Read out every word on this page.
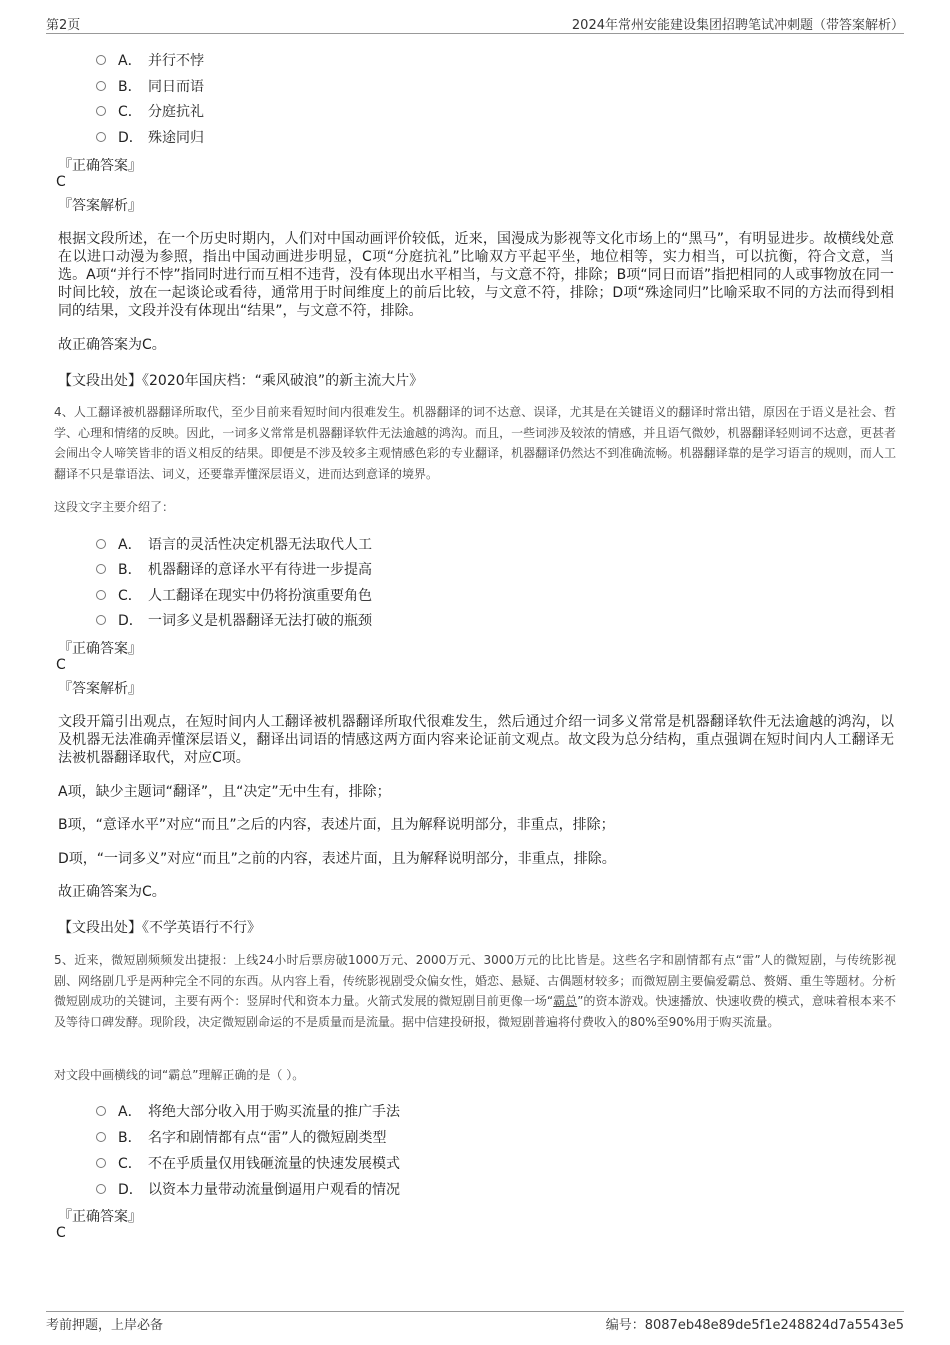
第2页	2024年常州安能建设集团招聘笔试冲刺题（带答案解析）
A． 并行不悖
B． 同日而语
C． 分庭抗礼
D． 殊途同归
『正确答案』
C
『答案解析』

根据文段所述，在一个历史时期内，人们对中国动画评价较低，近来，国漫成为影视等文化市场上的“黑马”，有明显进步。故横线处意在以进口动漫为参照，指出中国动画进步明显，C项“分庭抗礼”比喻双方平起平坐，地位相等，实力相当，可以抗衡，符合文意，当选。A项“并行不悖”指同时进行而互相不违背，没有体现出水平相当，与文意不符，排除；B项“同日而语”指把相同的人或事物放在同一时间比较，放在一起谈论或看待，通常用于时间维度上的前后比较，与文意不符，排除；D项“殊途同归”比喻采取不同的方法而得到相同的结果，文段并没有体现出“结果”，与文意不符，排除。

故正确答案为C。
【文段出处】《2020年国庆档：“乘风破浪”的新主流大片》

4、人工翻译被机器翻译所取代，至少目前来看短时间内很难发生。机器翻译的词不达意、误译，尤其是在关键语义的翻译时常出错，原因在于语义是社会、哲学、心理和情绪的反映。因此，一词多义常常是机器翻译软件无法逾越的鸿沟。而且，一些词涉及较浓的情感，并且语气微妙，机器翻译轻则词不达意，更甚者会闹出令人啼笑皆非的语义相反的结果。即便是不涉及较多主观情感色彩的专业翻译，机器翻译仍然达不到准确流畅。机器翻译靠的是学习语言的规则，而人工翻译不只是靠语法、词义，还要靠弄懂深层语义，进而达到意译的境界。

这段文字主要介绍了：
A． 语言的灵活性决定机器无法取代人工
B． 机器翻译的意译水平有待进一步提高
C． 人工翻译在现实中仍将扮演重要角色
D． 一词多义是机器翻译无法打破的瓶颈
『正确答案』
C
『答案解析』

文段开篇引出观点，在短时间内人工翻译被机器翻译所取代很难发生，然后通过介绍一词多义常常是机器翻译软件无法逾越的鸿沟，以及机器无法准确弄懂深层语义，翻译出词语的情感这两方面内容来论证前文观点。故文段为总分结构，重点强调在短时间内人工翻译无法被机器翻译取代，对应C项。

A项，缺少主题词“翻译”，且“决定”无中生有，排除；
B项，“意译水平”对应“而且”之后的内容，表述片面，且为解释说明部分，非重点，排除；
D项，“一词多义”对应“而且”之前的内容，表述片面，且为解释说明部分，非重点，排除。
故正确答案为C。
【文段出处】《不学英语行不行》

5、近来，微短剧频频发出捷报：上线24小时后票房破1000万元、2000万元、3000万元的比比皆是。这些名字和剧情都有点“雷”人的微短剧，与传统影视剧、网络剧几乎是两种完全不同的东西。从内容上看，传统影视剧受众偏女性，婚恋、悬疑、古偶题材较多；而微短剧主要偏爱霸总、赘婿、重生等题材。分析微短剧成功的关键词，主要有两个：竖屏时代和资本力量。火箭式发展的微短剧目前更像一场“霸总”的资本游戏。快速播放、快速收费的模式，意味着根本来不及等待口碑发酵。现阶段，决定微短剧命运的不是质量而是流量。据中信建投研报，微短剧普遍将付费收入的80%至90%用于购买流量。

对文段中画横线的词“霸总”理解正确的是（ ）。
A． 将绝大部分收入用于购买流量的推广手法
B． 名字和剧情都有点“雷”人的微短剧类型
C． 不在乎质量仅用钱砸流量的快速发展模式
D． 以资本力量带动流量倒逼用户观看的情况
『正确答案』
C
考前押题，上岸必备	编号：8087eb48e89de5f1e248824d7a5543e5
